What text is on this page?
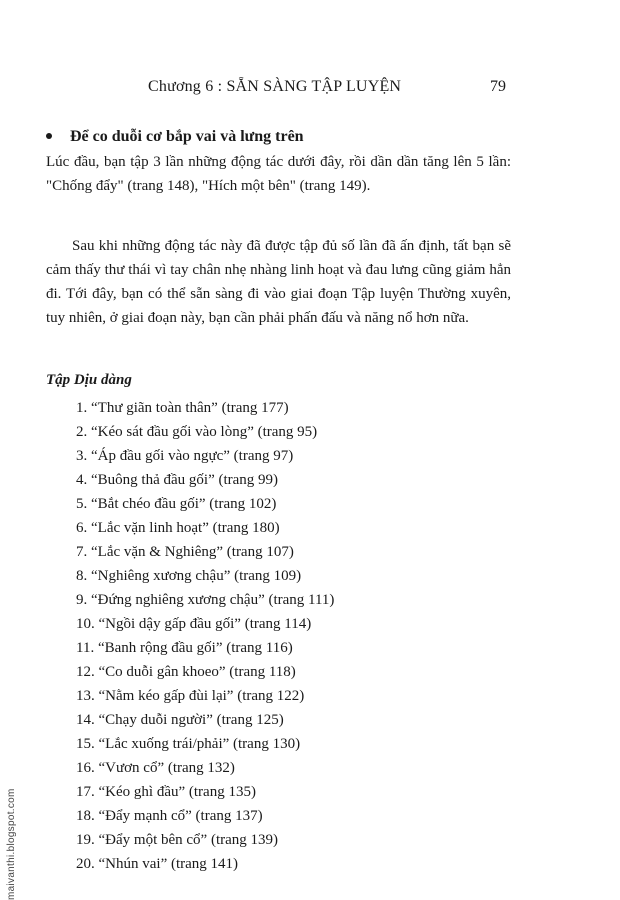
Chương 6 : SẴN SÀNG TẬP LUYỆN	79
Để co duỗi cơ bắp vai và lưng trên
Lúc đầu, bạn tập 3 lần những động tác dưới đây, rồi dần dần tăng lên 5 lần: "Chống đẩy" (trang 148), "Hích một bên" (trang 149).
Sau khi những động tác này đã được tập đủ số lần đã ấn định, tất bạn sẽ cảm thấy thư thái vì tay chân nhẹ nhàng linh hoạt và đau lưng cũng giảm hẳn đi. Tới đây, bạn có thể sẵn sàng đi vào giai đoạn Tập luyện Thường xuyên, tuy nhiên, ở giai đoạn này, bạn cần phải phấn đấu và năng nổ hơn nữa.
Tập Dịu dàng
1. “Thư giãn toàn thân” (trang 177)
2. “Kéo sát đầu gối vào lòng” (trang 95)
3. “Áp đầu gối vào ngực” (trang 97)
4. “Buông thả đầu gối” (trang 99)
5. “Bắt chéo đầu gối” (trang 102)
6. “Lắc vặn linh hoạt” (trang 180)
7. “Lắc vặn & Nghiêng” (trang 107)
8. “Nghiêng xương chậu” (trang 109)
9. “Đứng nghiêng xương chậu” (trang 111)
10. “Ngồi dậy gấp đầu gối” (trang 114)
11. “Banh rộng đầu gối” (trang 116)
12. “Co duỗi gân khoeo” (trang 118)
13. “Nằm kéo gấp đùi lại” (trang 122)
14. “Chạy duỗi người” (trang 125)
15. “Lắc xuống trái/phải” (trang 130)
16. “Vươn cổ” (trang 132)
17. “Kéo ghì đầu” (trang 135)
18. “Đẩy mạnh cổ” (trang 137)
19. “Đẩy một bên cổ” (trang 139)
20. “Nhún vai” (trang 141)
maivanthi.blogspot.com
